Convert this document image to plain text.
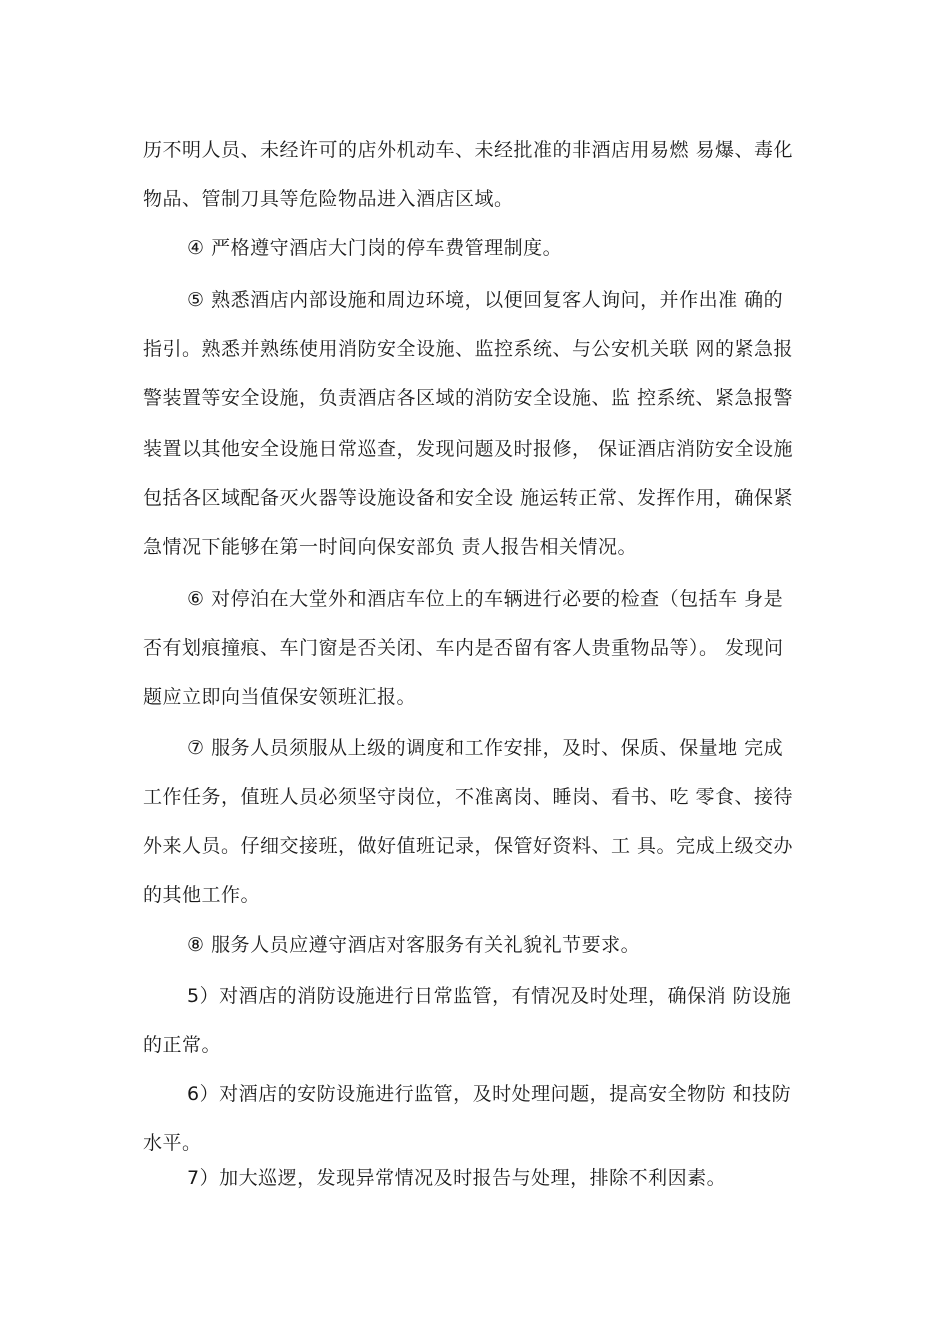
历不明人员、未经许可的店外机动车、未经批准的非酒店用易燃 易爆、毒化
物品、管制刀具等危险物品进入酒店区域。
④ 严格遵守酒店大门岗的停车费管理制度。
⑤ 熟悉酒店内部设施和周边环境，以便回复客人询问，并作出准 确的
指引。熟悉并熟练使用消防安全设施、监控系统、与公安机关联 网的紧急报
警装置等安全设施，负责酒店各区域的消防安全设施、监 控系统、紧急报警
装置以其他安全设施日常巡查，发现问题及时报修， 保证酒店消防安全设施
包括各区域配备灭火器等设施设备和安全设 施运转正常、发挥作用，确保紧
急情况下能够在第一时间向保安部负 责人报告相关情况。
⑥ 对停泊在大堂外和酒店车位上的车辆进行必要的检查（包括车 身是
否有划痕撞痕、车门窗是否关闭、车内是否留有客人贵重物品等）。 发现问
题应立即向当值保安领班汇报。
⑦ 服务人员须服从上级的调度和工作安排，及时、保质、保量地 完成
工作任务，值班人员必须坚守岗位，不准离岗、睡岗、看书、吃 零食、接待
外来人员。仔细交接班，做好值班记录，保管好资料、工 具。完成上级交办
的其他工作。
⑧ 服务人员应遵守酒店对客服务有关礼貌礼节要求。
5）对酒店的消防设施进行日常监管，有情况及时处理，确保消 防设施
的正常。
6）对酒店的安防设施进行监管，及时处理问题，提高安全物防 和技防
水平。
7）加大巡逻，发现异常情况及时报告与处理，排除不利因素。
